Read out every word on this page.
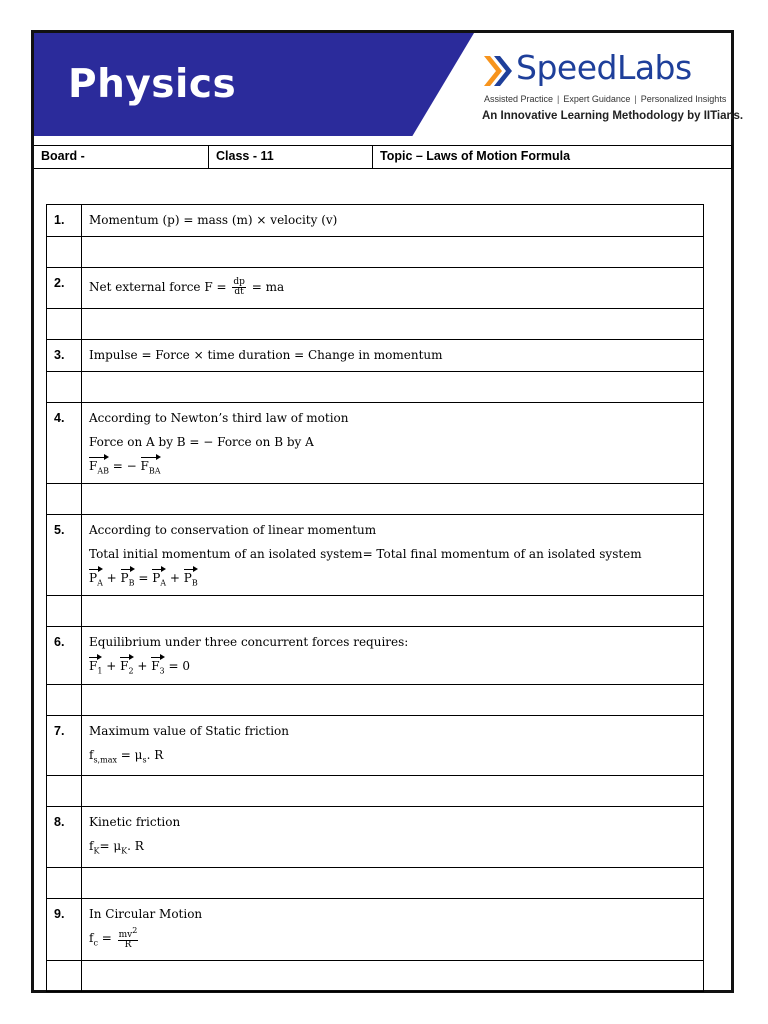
Physics	SpeedLabs
Assisted Practice | Expert Guidance | Personalized Insights
An Innovative Learning Methodology by IITians.
Board -	Class - 11	Topic – Laws of Motion Formula
1.	Momentum (p) = mass (m) × velocity (v)

2.	Net external force $F = \frac{dp}{dt}$ = ma

3.	Impulse = Force × time duration = Change in momentum

4.	According to Newton’s third law of motion
Force on A by B = − Force on B by A
$F_{AB}$ = − $F_{BA}$

5.	According to conservation of linear momentum
Total initial momentum of an isolated system= Total final momentum of an isolated system
$P_A + P_B = P_A + P_B$

6.	Equilibrium under three concurrent forces requires:
$F_1 + F_2 + F_3 = 0$

7.	Maximum value of Static friction
$f_{s,max} = \mu_s$. R

8.	Kinetic friction
$f_K= \mu_K$. R

9.	In Circular Motion
$f_c = \frac{mv^2}{R}$
